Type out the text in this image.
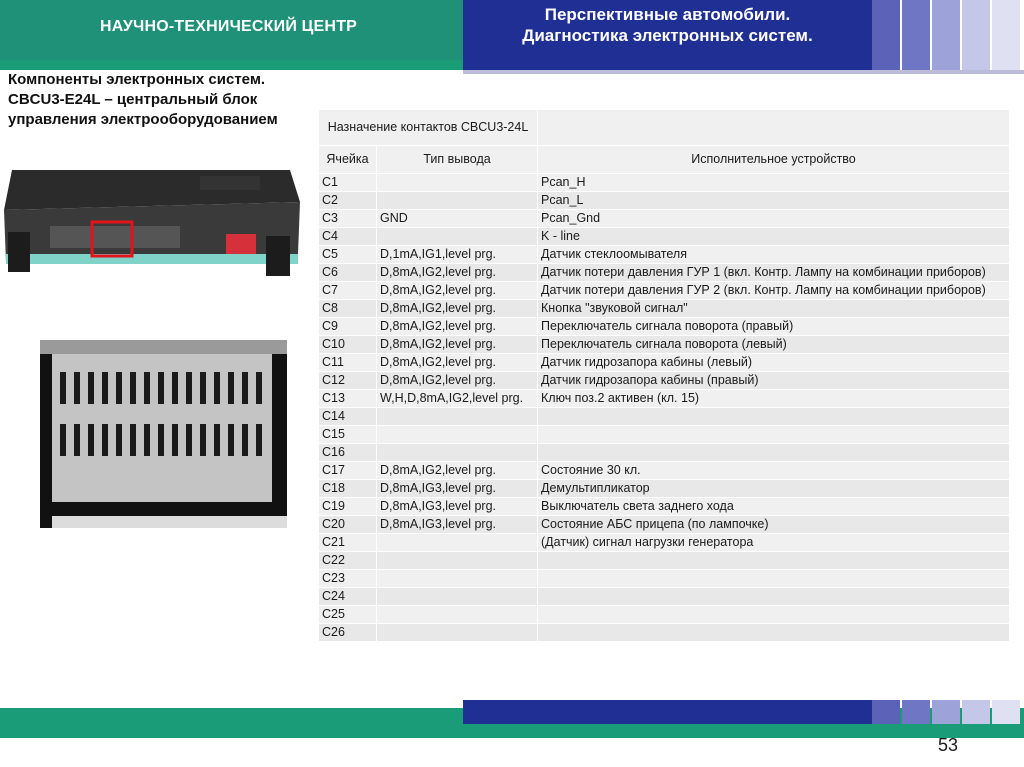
НАУЧНО-ТЕХНИЧЕСКИЙ ЦЕНТР
Перспективные автомобили.
Диагностика электронных систем.
Компоненты электронных систем.
CBCU3-E24L – центральный блок
управления электрооборудованием	Назначение контактов CBCU3-24L		
Ячейка	Тип вывода	Исполнительное устройство
C1		Pcan_H
C2		Pcan_L
C3	GND	Pcan_Gnd
C4		K - line
C5	D,1mA,IG1,level prg.	Датчик стеклоомывателя
C6	D,8mA,IG2,level prg.	Датчик потери давления ГУР 1 (вкл. Контр. Лампу на комбинации приборов)
C7	D,8mA,IG2,level prg.	Датчик потери давления ГУР 2 (вкл. Контр. Лампу на комбинации приборов)
C8	D,8mA,IG2,level prg.	Кнопка "звуковой сигнал"
C9	D,8mA,IG2,level prg.	Переключатель сигнала поворота (правый)
C10	D,8mA,IG2,level prg.	Переключатель сигнала поворота (левый)
C11	D,8mA,IG2,level prg.	Датчик гидрозапора кабины (левый)
C12	D,8mA,IG2,level prg.	Датчик гидрозапора кабины (правый)
C13	W,H,D,8mA,IG2,level prg.	Ключ поз.2 активен (кл. 15)
C14		
C15		
C16		
C17	D,8mA,IG2,level prg.	Состояние 30 кл.
C18	D,8mA,IG3,level prg.	Демультипликатор
C19	D,8mA,IG3,level prg.	Выключатель света заднего хода
C20	D,8mA,IG3,level prg.	Состояние АБС прицепа (по лампочке)
C21		(Датчик) сигнал нагрузки генератора
C22		
C23		
C24		
C25		
C26		
53
